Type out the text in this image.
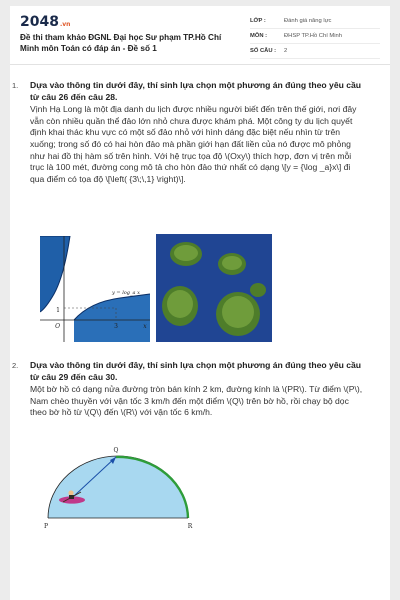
2048.vn
Đề thi tham khảo ĐGNL Đại học Sư phạm TP.Hồ Chí Minh môn Toán có đáp án - Đề số 1
LỚP :	Đánh giá năng lực
MÔN :	ĐHSP TP.Hồ Chí Minh
SỐ CÂU :	2
1. Dựa vào thông tin dưới đây, thí sinh lựa chọn một phương án đúng theo yêu cầu từ câu 26 đến câu 28.
Vịnh Hạ Long là một địa danh du lịch được nhiều người biết đến trên thế giới, nơi đây vẫn còn nhiều quần thể đảo lớn nhỏ chưa được khám phá. Một công ty du lịch quyết định khai thác khu vực có một số đảo nhỏ với hình dáng đặc biệt nếu nhìn từ trên xuống; trong số đó có hai hòn đảo mà phần giới hạn đất liền của nó được mô phỏng như hai đồ thị hàm số trên hình. Với hệ trục tọa độ \(Oxy\) thích hợp, đơn vị trên mỗi trục là 100 mét, đường cong mô tả cho hòn đảo thứ nhất có dạng \[y = {\log _a}x\] đi qua điểm có tọa độ \[\left( {3\;\,1} \right)\].
1
O	3	x
y = log_a x
2. Dựa vào thông tin dưới đây, thí sinh lựa chọn một phương án đúng theo yêu cầu từ câu 29 đến câu 30.
Một bờ hồ có dạng nửa đường tròn bán kính 2 km, đường kính là \(PR\). Từ điểm \(P\), Nam chèo thuyền với vận tốc 3 km/h đến một điểm \(Q\) trên bờ hồ, rồi chạy bộ dọc theo bờ hồ từ \(Q\) đến \(R\) với vận tốc 6 km/h.
Q
P	R
